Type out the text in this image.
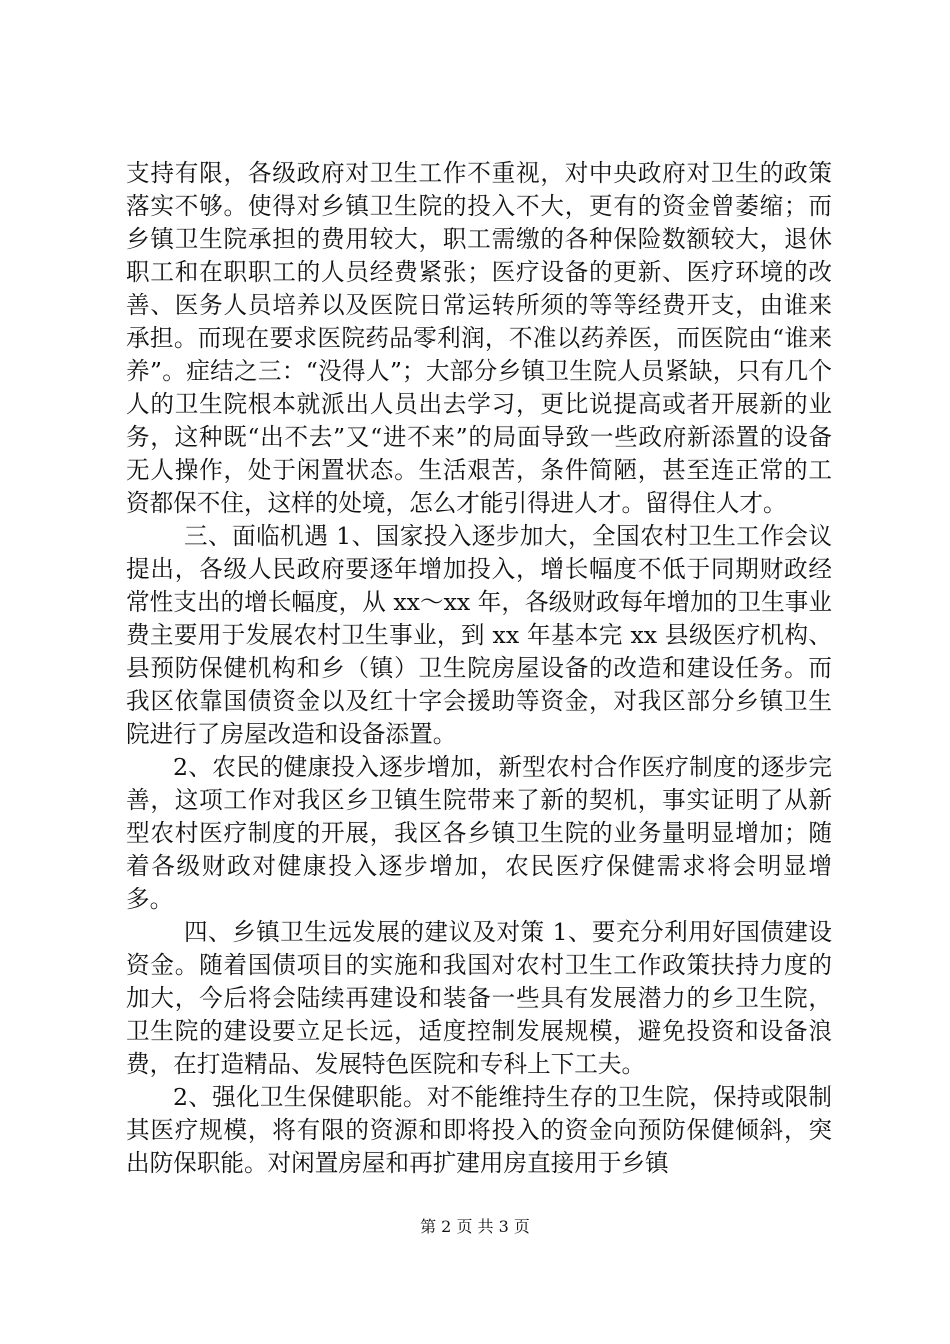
支持有限，各级政府对卫生工作不重视，对中央政府对卫生的政策落实不够。使得对乡镇卫生院的投入不大，更有的资金曾萎缩；而乡镇卫生院承担的费用较大，职工需缴的各种保险数额较大，退休职工和在职职工的人员经费紧张；医疗设备的更新、医疗环境的改善、医务人员培养以及医院日常运转所须的等等经费开支，由谁来承担。而现在要求医院药品零利润，不准以药养医，而医院由“谁来养”。症结之三：“没得人”；大部分乡镇卫生院人员紧缺，只有几个人的卫生院根本就派出人员出去学习，更比说提高或者开展新的业务，这种既“出不去”又“进不来”的局面导致一些政府新添置的设备无人操作，处于闲置状态。生活艰苦，条件简陋，甚至连正常的工资都保不住，这样的处境，怎么才能引得进人才。留得住人才。

三、面临机遇 1、国家投入逐步加大，全国农村卫生工作会议提出，各级人民政府要逐年增加投入，增长幅度不低于同期财政经常性支出的增长幅度，从 xx～xx 年，各级财政每年增加的卫生事业费主要用于发展农村卫生事业，到 xx 年基本完 xx 县级医疗机构、县预防保健机构和乡（镇）卫生院房屋设备的改造和建设任务。而我区依靠国债资金以及红十字会援助等资金，对我区部分乡镇卫生院进行了房屋改造和设备添置。

2、农民的健康投入逐步增加，新型农村合作医疗制度的逐步完善，这项工作对我区乡卫镇生院带来了新的契机，事实证明了从新型农村医疗制度的开展，我区各乡镇卫生院的业务量明显增加；随着各级财政对健康投入逐步增加，农民医疗保健需求将会明显增多。

四、乡镇卫生远发展的建议及对策 1、要充分利用好国债建设资金。随着国债项目的实施和我国对农村卫生工作政策扶持力度的加大，今后将会陆续再建设和装备一些具有发展潜力的乡卫生院，卫生院的建设要立足长远，适度控制发展规模，避免投资和设备浪费，在打造精品、发展特色医院和专科上下工夫。

2、强化卫生保健职能。对不能维持生存的卫生院，保持或限制其医疗规模，将有限的资源和即将投入的资金向预防保健倾斜，突出防保职能。对闲置房屋和再扩建用房直接用于乡镇

第 2 页 共 3 页
